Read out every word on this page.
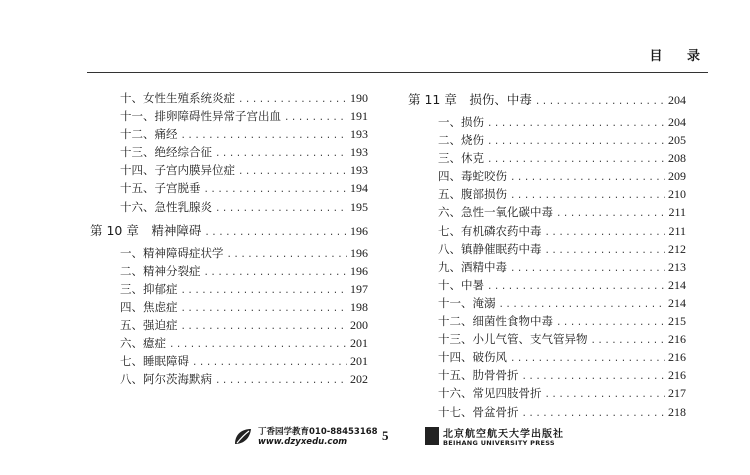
目 录
十、女性生殖系统炎症 .....	190
十一、排卵障碍性异常子宫出血 .....	191
十二、痛经 .....	193
十三、绝经综合征 .....	193
十四、子宫内膜异位症 .....	193
十五、子宫脱垂 .....	194
十六、急性乳腺炎 .....	195
第 10 章　精神障碍 .....	196
一、精神障碍症状学 .....	196
二、精神分裂症 .....	196
三、抑郁症 .....	197
四、焦虑症 .....	198
五、强迫症 .....	200
六、癔症 .....	201
七、睡眠障碍 .....	201
八、阿尔茨海默病 .....	202
第 11 章　损伤、中毒 .....	204
一、损伤 .....	204
二、烧伤 .....	205
三、休克 .....	208
四、毒蛇咬伤 .....	209
五、腹部损伤 .....	210
六、急性一氧化碳中毒 .....	211
七、有机磷农药中毒 .....	211
八、镇静催眠药中毒 .....	212
九、酒精中毒 .....	213
十、中暑 .....	214
十一、淹溺 .....	214
十二、细菌性食物中毒 .....	215
十三、小儿气管、支气管异物 .....	216
十四、破伤风 .....	216
十五、肋骨骨折 .....	216
十六、常见四肢骨折 .....	217
十七、骨盆骨折 .....	218
丁香园学教育010-88453168
www.dzyxedu.com	5	北京航空航天大学出版社
BEIHANG UNIVERSITY PRESS
